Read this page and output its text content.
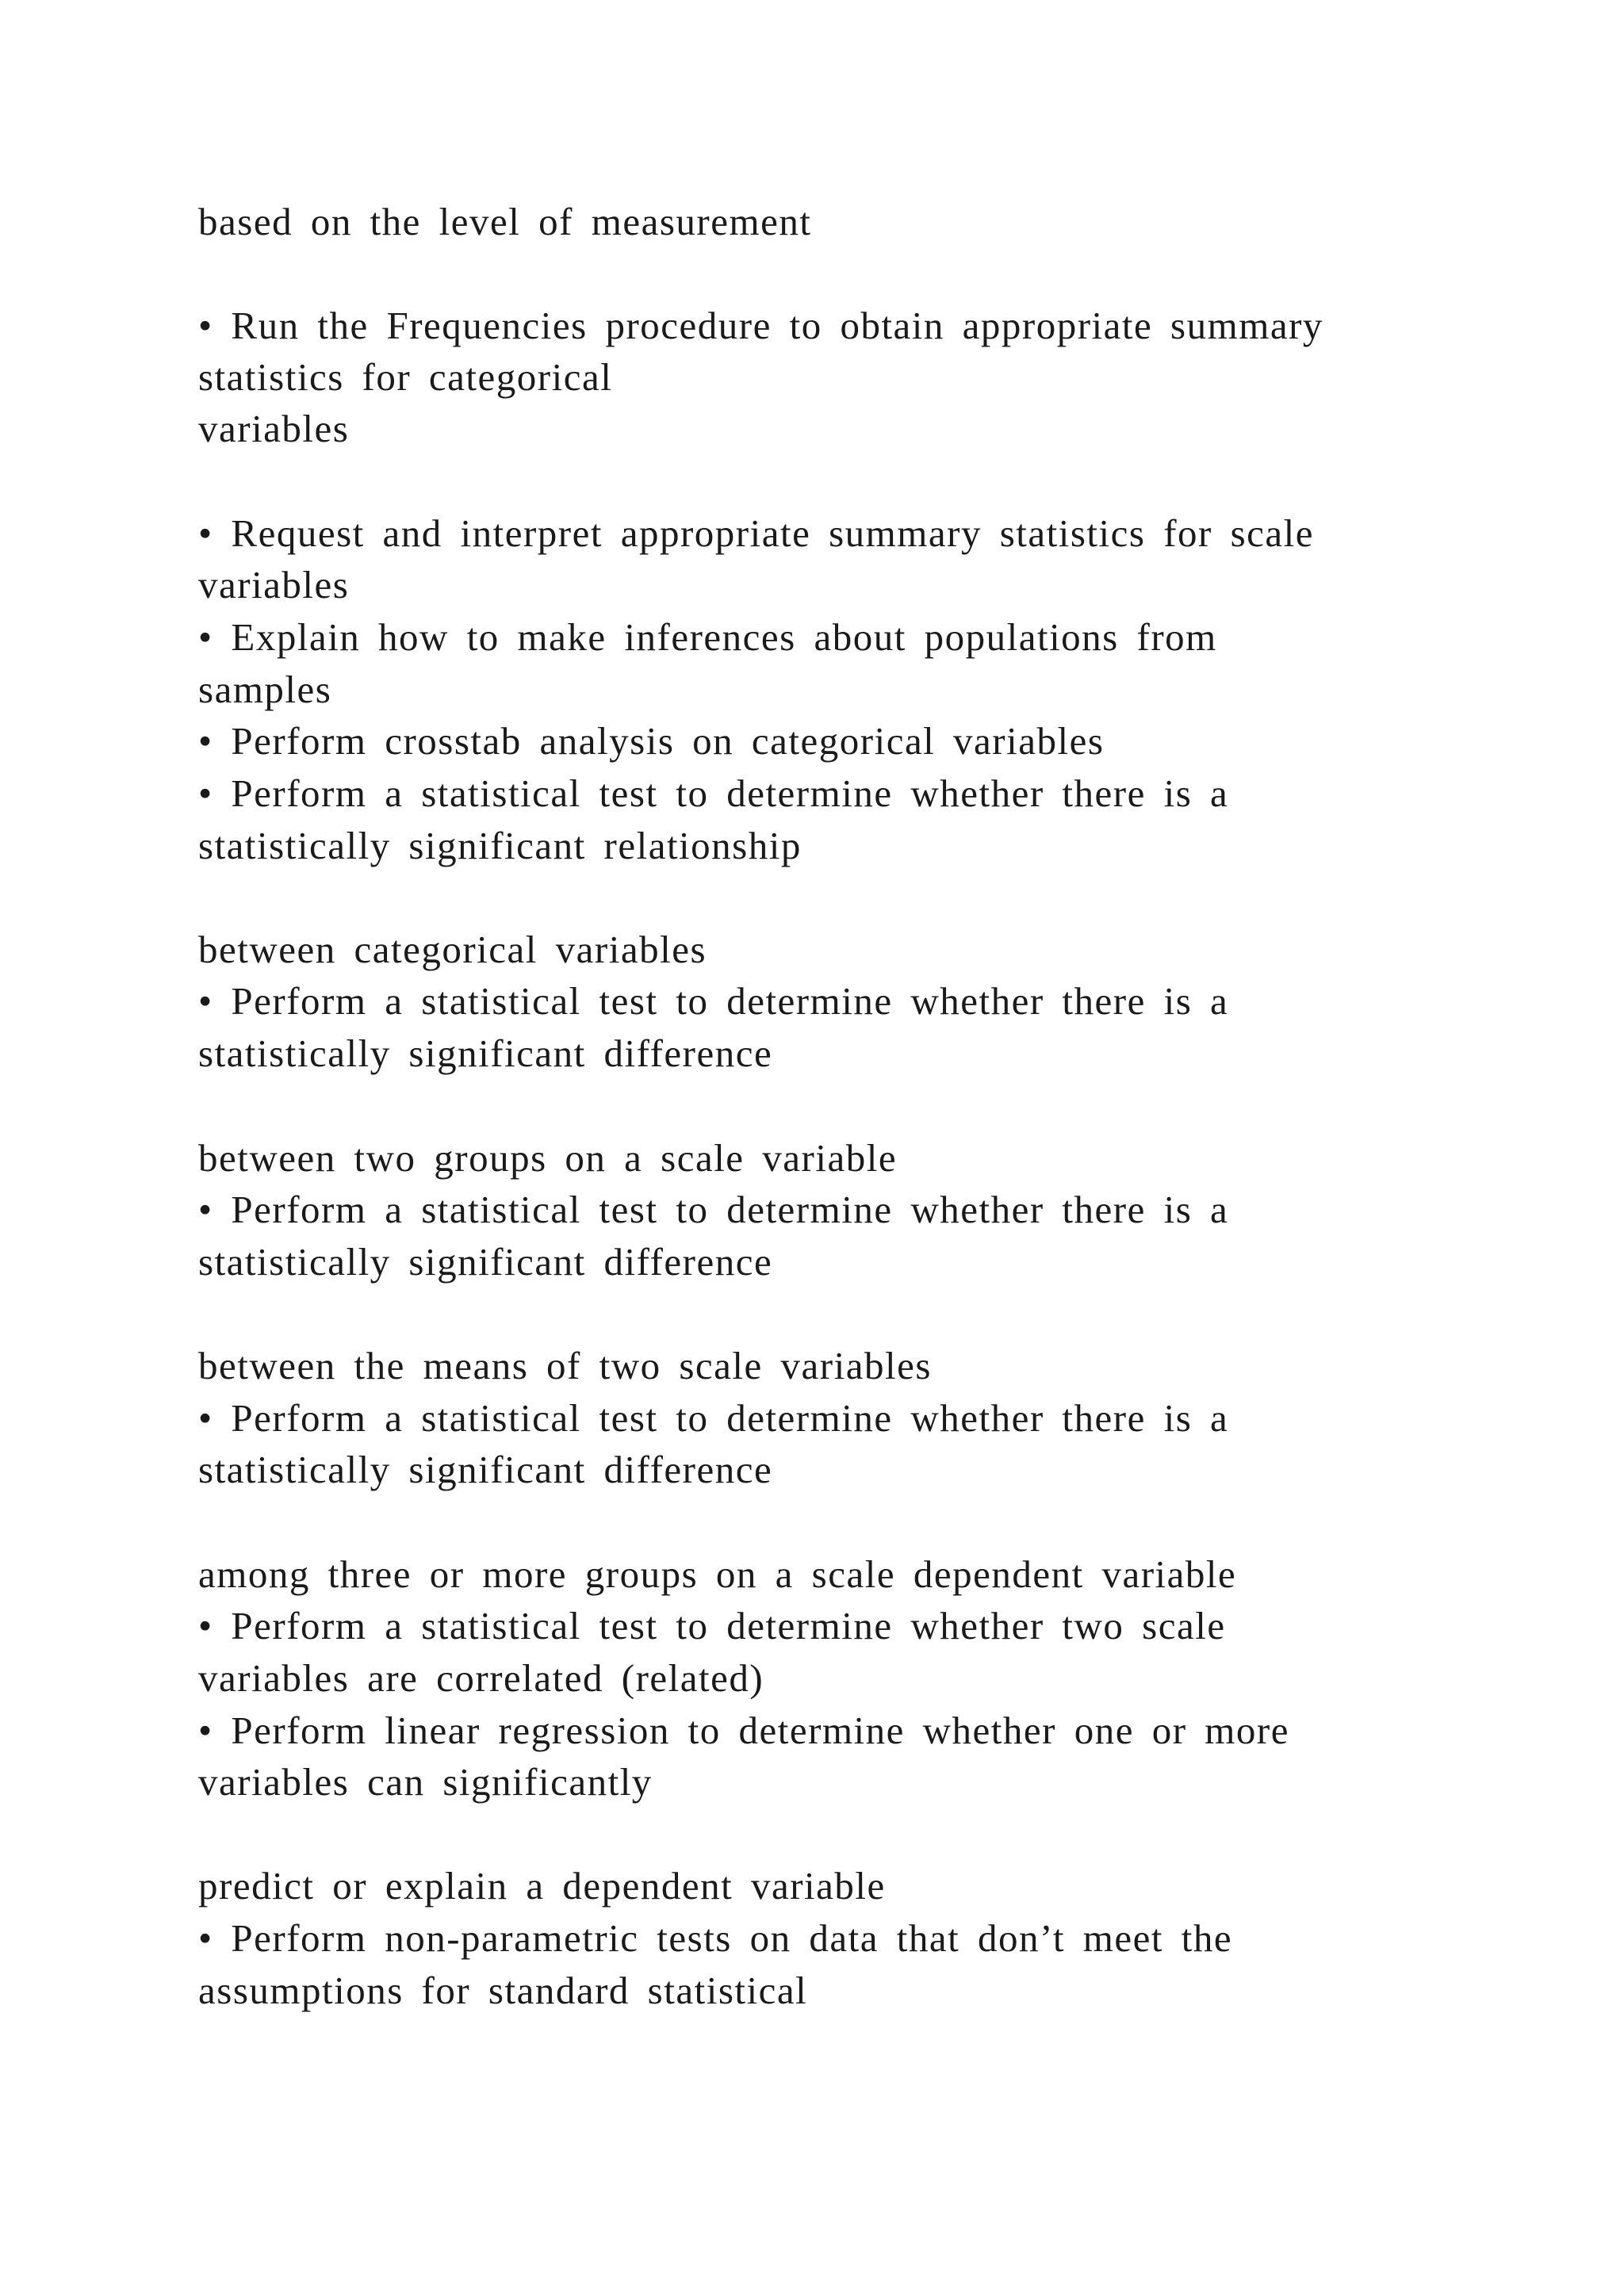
based on the level of measurement
• Run the Frequencies procedure to obtain appropriate summary
statistics for categorical
variables
• Request and interpret appropriate summary statistics for scale
variables
• Explain how to make inferences about populations from
samples
• Perform crosstab analysis on categorical variables
• Perform a statistical test to determine whether there is a
statistically significant relationship
between categorical variables
• Perform a statistical test to determine whether there is a
statistically significant difference
between two groups on a scale variable
• Perform a statistical test to determine whether there is a
statistically significant difference
between the means of two scale variables
• Perform a statistical test to determine whether there is a
statistically significant difference
among three or more groups on a scale dependent variable
• Perform a statistical test to determine whether two scale
variables are correlated (related)
• Perform linear regression to determine whether one or more
variables can significantly
predict or explain a dependent variable
• Perform non-parametric tests on data that don’t meet the
assumptions for standard statistical
